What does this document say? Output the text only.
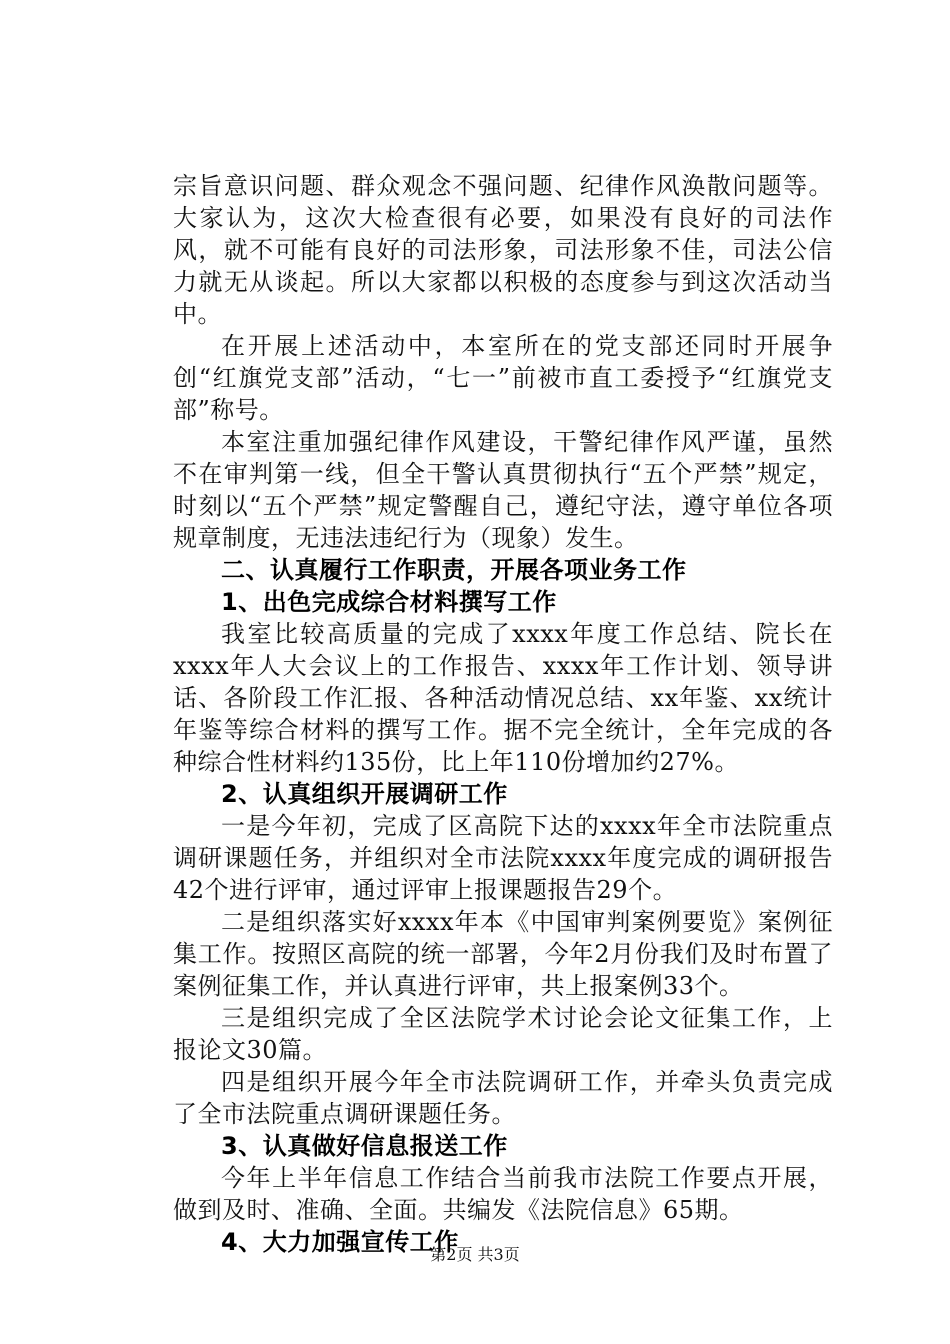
宗旨意识问题、群众观念不强问题、纪律作风涣散问题等。大家认为，这次大检查很有必要，如果没有良好的司法作风，就不可能有良好的司法形象，司法形象不佳，司法公信力就无从谈起。所以大家都以积极的态度参与到这次活动当中。

在开展上述活动中，本室所在的党支部还同时开展争创“红旗党支部”活动，“七一”前被市直工委授予“红旗党支部”称号。

本室注重加强纪律作风建设，干警纪律作风严谨，虽然不在审判第一线，但全干警认真贯彻执行“五个严禁”规定，时刻以“五个严禁”规定警醒自己，遵纪守法，遵守单位各项规章制度，无违法违纪行为（现象）发生。

二、认真履行工作职责，开展各项业务工作

1、出色完成综合材料撰写工作

我室比较高质量的完成了xxxx年度工作总结、院长在xxxx年人大会议上的工作报告、xxxx年工作计划、领导讲话、各阶段工作汇报、各种活动情况总结、xx年鉴、xx统计年鉴等综合材料的撰写工作。据不完全统计，全年完成的各种综合性材料约135份，比上年110份增加约27%。

2、认真组织开展调研工作

一是今年初，完成了区高院下达的xxxx年全市法院重点调研课题任务，并组织对全市法院xxxx年度完成的调研报告42个进行评审，通过评审上报课题报告29个。

二是组织落实好xxxx年本《中国审判案例要览》案例征集工作。按照区高院的统一部署，今年2月份我们及时布置了案例征集工作，并认真进行评审，共上报案例33个。

三是组织完成了全区法院学术讨论会论文征集工作，上报论文30篇。

四是组织开展今年全市法院调研工作，并牵头负责完成了全市法院重点调研课题任务。

3、认真做好信息报送工作

今年上半年信息工作结合当前我市法院工作要点开展，做到及时、准确、全面。共编发《法院信息》65期。

4、大力加强宣传工作

第2页 共3页
